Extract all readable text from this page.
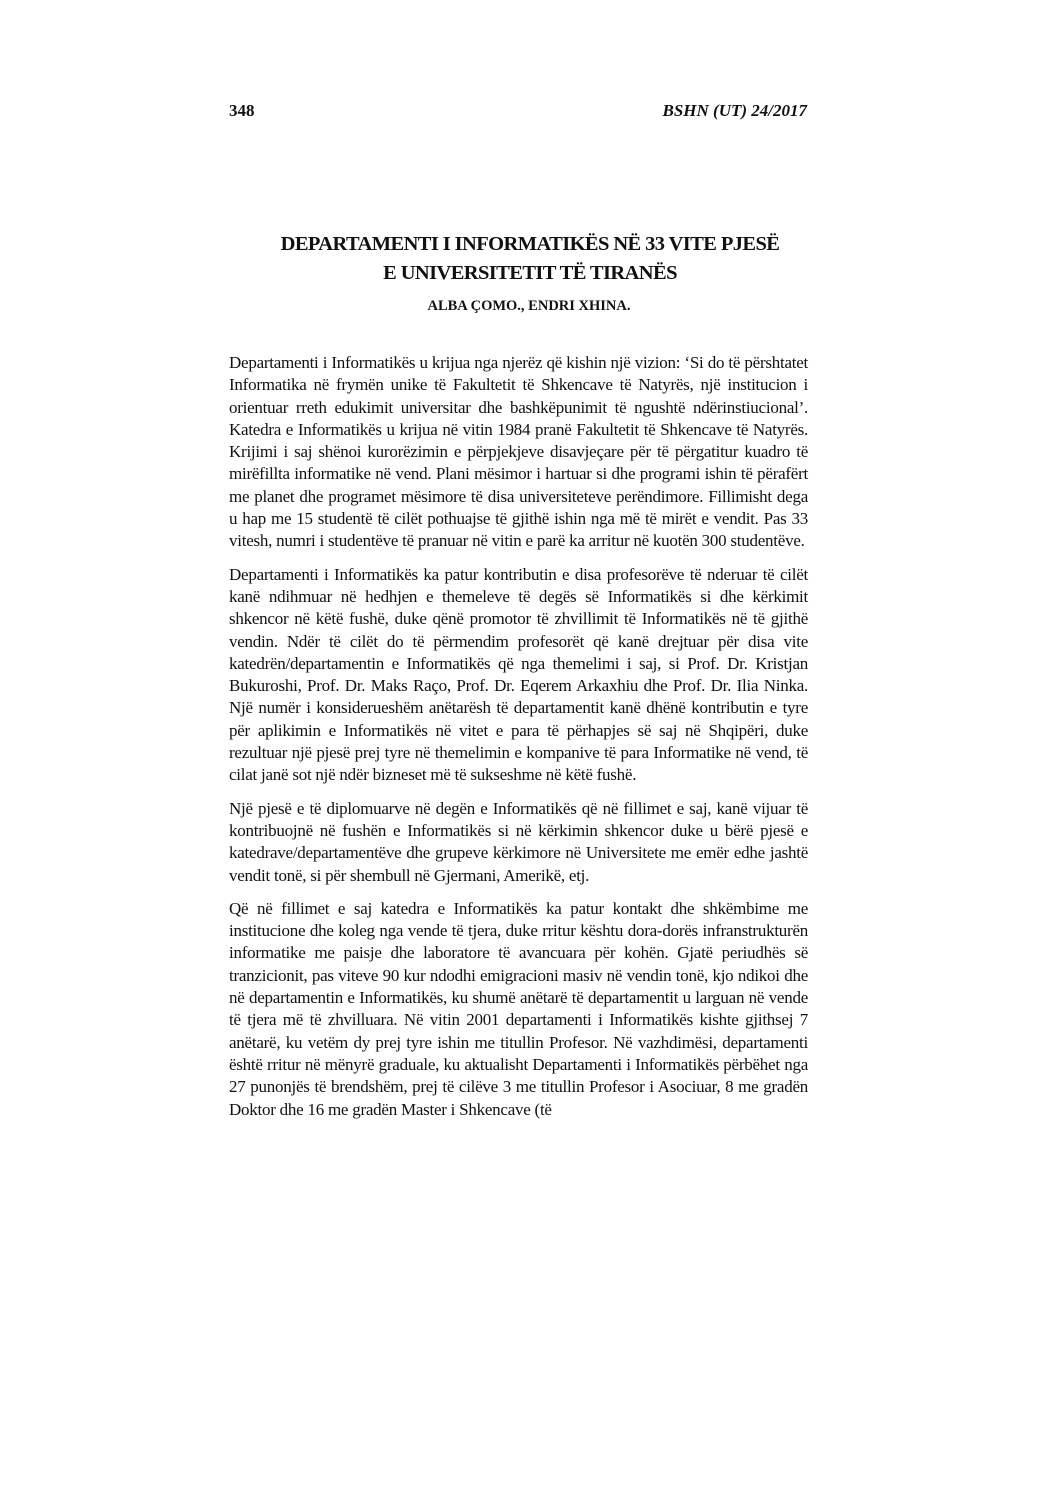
348	BSHN (UT) 24/2017
DEPARTAMENTI I INFORMATIKËS NË 33 VITE PJESË
E UNIVERSITETIT TË TIRANËS
ALBA ÇOMO., ENDRI XHINA.

Departamenti i Informatikës u krijua nga njerëz që kishin një vizion: ‘Si do të përshtatet Informatika në frymën unike të Fakultetit të Shkencave të Natyrës, një institucion i orientuar rreth edukimit universitar dhe bashkëpunimit të ngushtë ndërinstiucional’. Katedra e Informatikës u krijua në vitin 1984 pranë Fakultetit të Shkencave të Natyrës. Krijimi i saj shënoi kurorëzimin e përpjekjeve disavjeçare për të përgatitur kuadro të mirëfillta informatike në vend. Plani mësimor i hartuar si dhe programi ishin të përafërt me planet dhe programet mësimore të disa universiteteve perëndimore. Fillimisht dega u hap me 15 studentë të cilët pothuajse të gjithë ishin nga më të mirët e vendit. Pas 33 vitesh, numri i studentëve të pranuar në vitin e parë ka arritur në kuotën 300 studentëve.

Departamenti i Informatikës ka patur kontributin e disa profesorëve të nderuar të cilët kanë ndihmuar në hedhjen e themeleve të degës së Informatikës si dhe kërkimit shkencor në këtë fushë, duke qënë promotor të zhvillimit të Informatikës në të gjithë vendin. Ndër të cilët do të përmendim profesorët që kanë drejtuar për disa vite katedrën/departamentin e Informatikës që nga themelimi i saj, si Prof. Dr. Kristjan Bukuroshi, Prof. Dr. Maks Raço, Prof. Dr. Eqerem Arkaxhiu dhe Prof. Dr. Ilia Ninka. Një numër i konsiderueshëm anëtarësh të departamentit kanë dhënë kontributin e tyre për aplikimin e Informatikës në vitet e para të përhapjes së saj në Shqipëri, duke rezultuar një pjesë prej tyre në themelimin e kompanive të para Informatike në vend, të cilat janë sot një ndër bizneset më të sukseshme në këtë fushë.

Një pjesë e të diplomuarve në degën e Informatikës që në fillimet e saj, kanë vijuar të kontribuojnë në fushën e Informatikës si në kërkimin shkencor duke u bërë pjesë e katedrave/departamentëve dhe grupeve kërkimore në Universitete me emër edhe jashtë vendit tonë, si për shembull në Gjermani, Amerikë, etj.

Që në fillimet e saj katedra e Informatikës ka patur kontakt dhe shkëmbime me institucione dhe koleg nga vende të tjera, duke rritur kështu dora-dorës infranstrukturën informatike me paisje dhe laboratore të avancuara për kohën. Gjatë periudhës së tranzicionit, pas viteve 90 kur ndodhi emigracioni masiv në vendin tonë, kjo ndikoi dhe në departamentin e Informatikës, ku shumë anëtarë të departamentit u larguan në vende të tjera më të zhvilluara. Në vitin 2001 departamenti i Informatikës kishte gjithsej 7 anëtarë, ku vetëm dy prej tyre ishin me titullin Profesor. Në vazhdimësi, departamenti është rritur në mënyrë graduale, ku aktualisht Departamenti i Informatikës përbëhet nga 27 punonjës të brendshëm, prej të cilëve 3 me titullin Profesor i Asociuar, 8 me gradën Doktor dhe 16 me gradën Master i Shkencave (të
